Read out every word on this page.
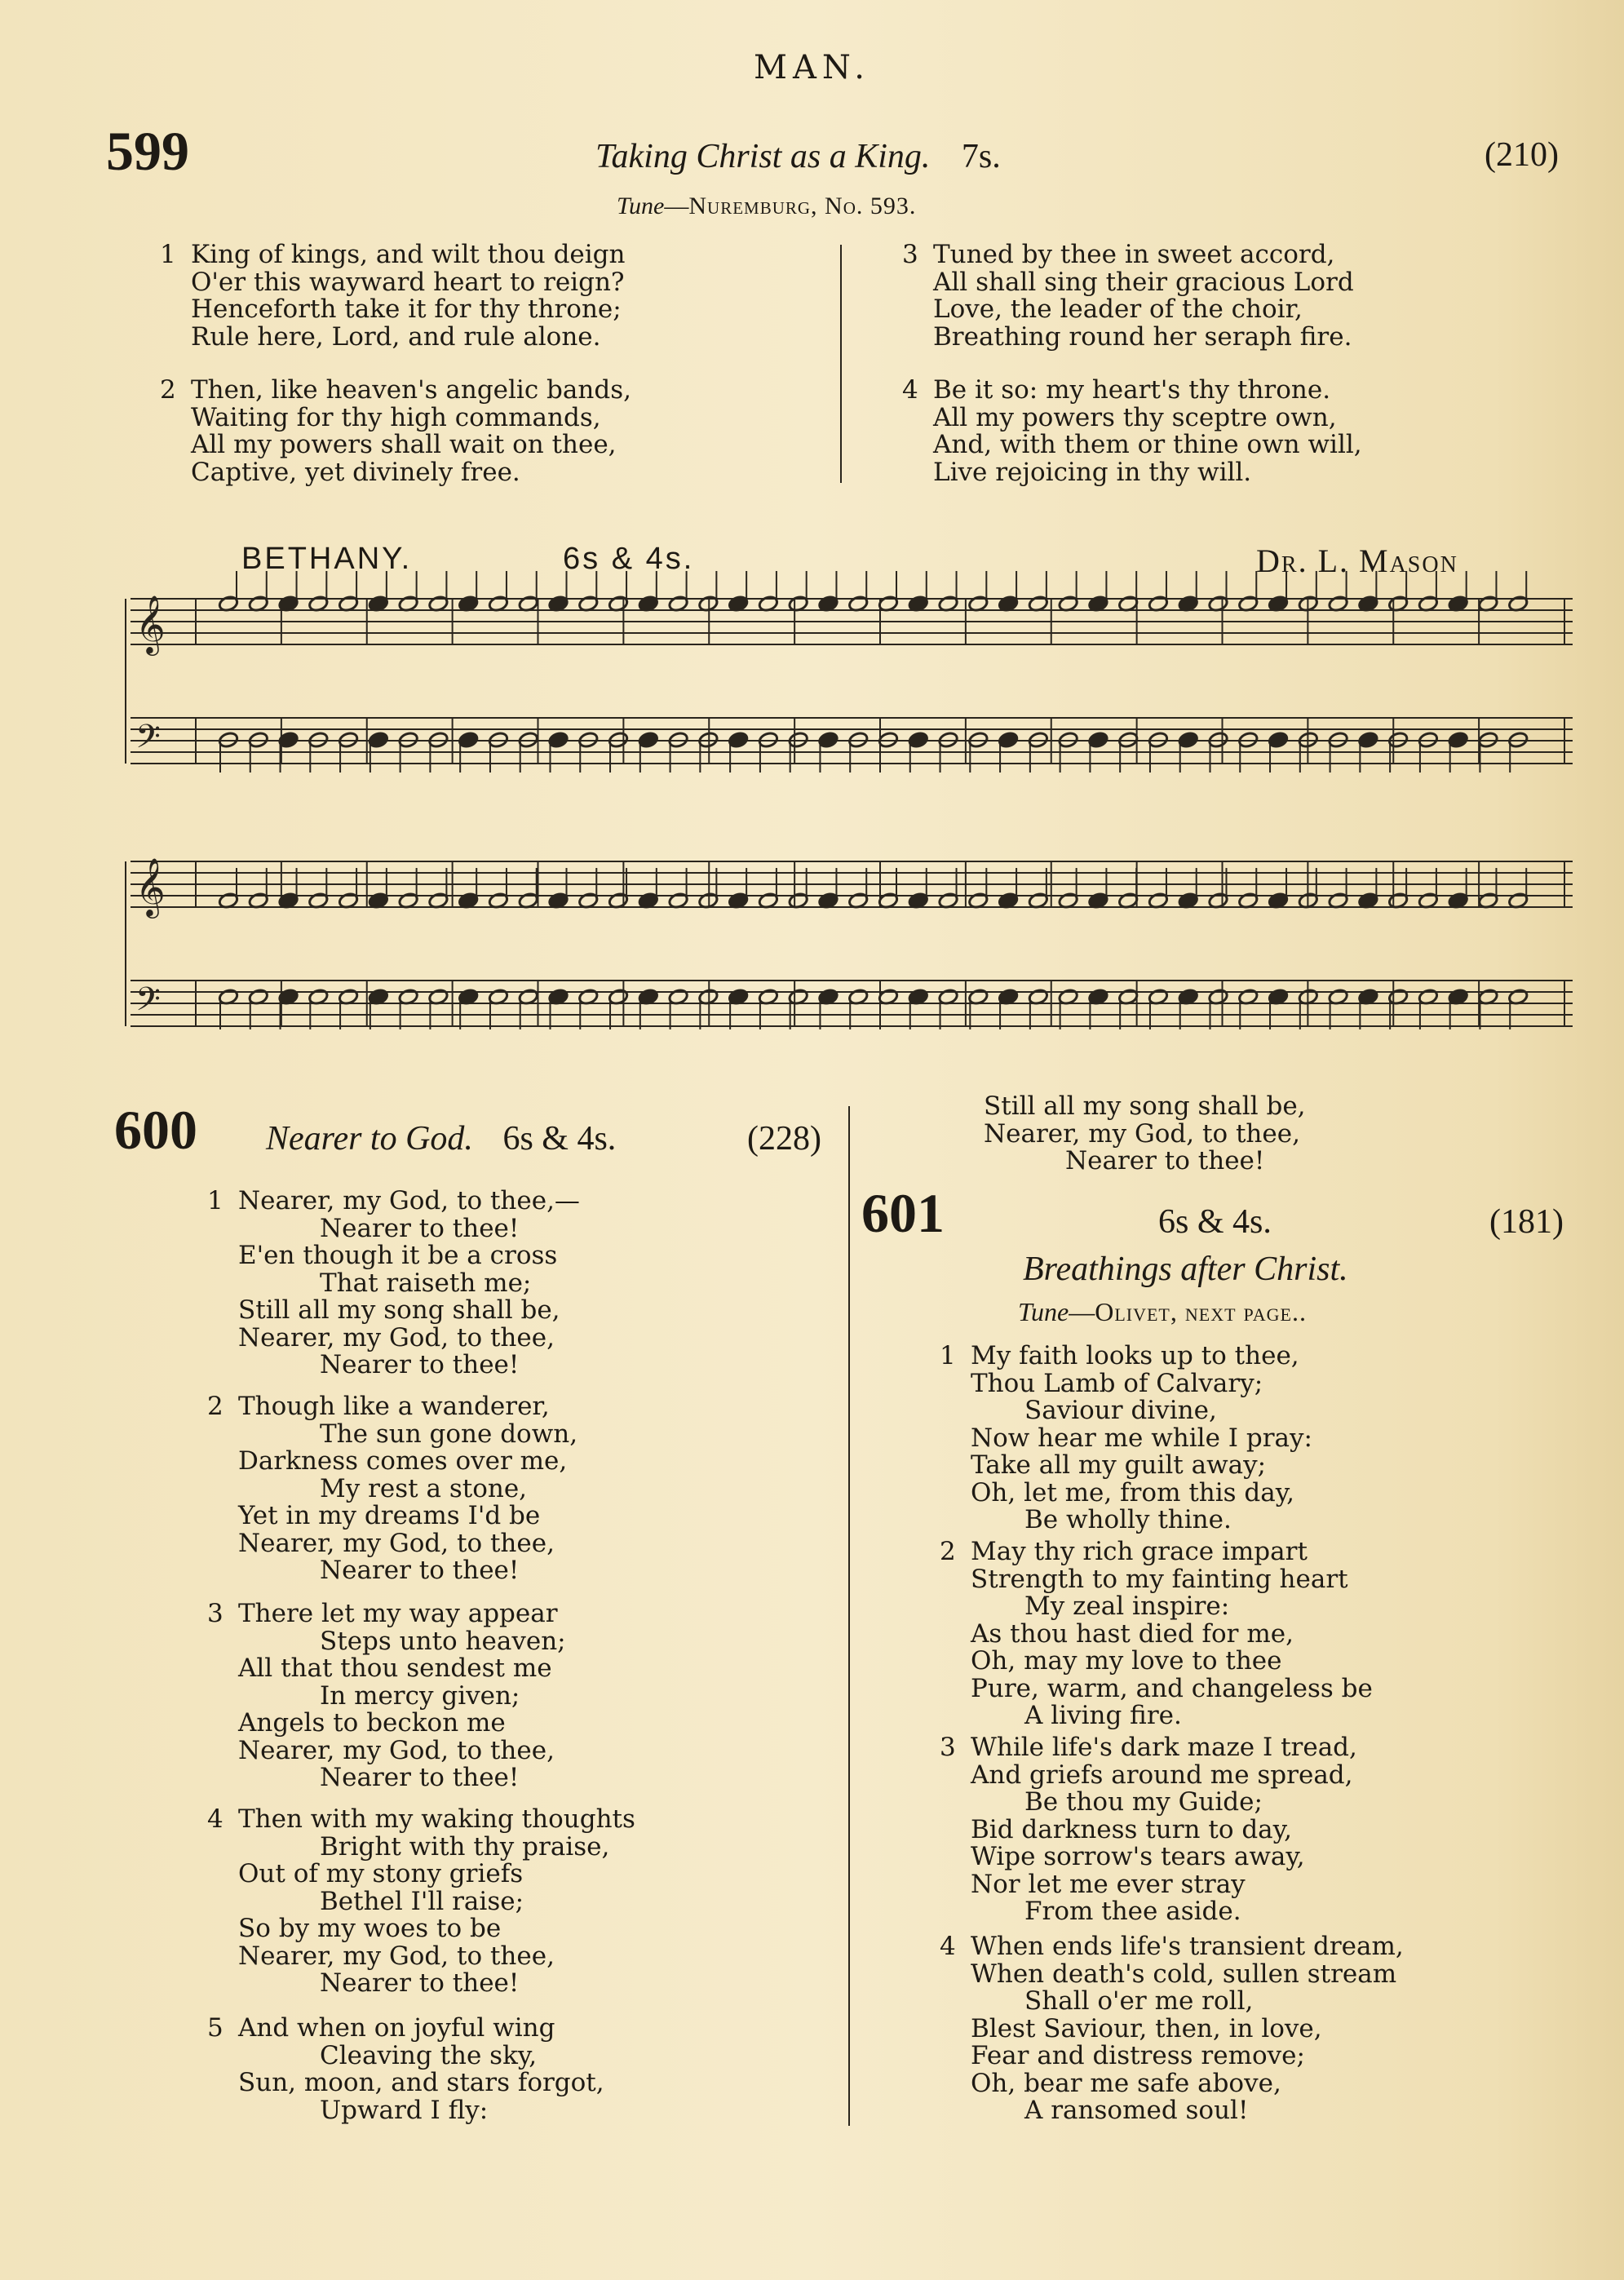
MAN.
599	Taking Christ as a King. 7s.	(210)
Tune—Nuremburg, No. 593.
1 King of kings, and wilt thou deign
O'er this wayward heart to reign?
Henceforth take it for thy throne;
Rule here, Lord, and rule alone.
2 Then, like heaven's angelic bands,
Waiting for thy high commands,
All my powers shall wait on thee,
Captive, yet divinely free.
3 Tuned by thee in sweet accord,
All shall sing their gracious Lord
Love, the leader of the choir,
Breathing round her seraph fire.
4 Be it so: my heart's thy throne.
All my powers thy sceptre own,
And, with them or thine own will,
Live rejoicing in thy will.
BETHANY.	6s & 4s.	Dr. L. Mason
𝄞
𝄢
𝄞
𝄢
600 Nearer to God. 6s & 4s.	(228)
1 Nearer, my God, to thee,—
Nearer to thee!
E'en though it be a cross
That raiseth me;
Still all my song shall be,
Nearer, my God, to thee,
Nearer to thee!
2 Though like a wanderer,
The sun gone down,
Darkness comes over me,
My rest a stone,
Yet in my dreams I'd be
Nearer, my God, to thee,
Nearer to thee!
3 There let my way appear
Steps unto heaven;
All that thou sendest me
In mercy given;
Angels to beckon me
Nearer, my God, to thee,
Nearer to thee!
4 Then with my waking thoughts
Bright with thy praise,
Out of my stony griefs
Bethel I'll raise;
So by my woes to be
Nearer, my God, to thee,
Nearer to thee!
5 And when on joyful wing
Cleaving the sky,
Sun, moon, and stars forgot,
Upward I fly:
Still all my song shall be,
Nearer, my God, to thee,
Nearer to thee!
601	6s & 4s.	(181)
Breathings after Christ.
Tune—Olivet, next page..
1 My faith looks up to thee,
Thou Lamb of Calvary;
Saviour divine,
Now hear me while I pray:
Take all my guilt away;
Oh, let me, from this day,
Be wholly thine.
2 May thy rich grace impart
Strength to my fainting heart
My zeal inspire:
As thou hast died for me,
Oh, may my love to thee
Pure, warm, and changeless be
A living fire.
3 While life's dark maze I tread,
And griefs around me spread,
Be thou my Guide;
Bid darkness turn to day,
Wipe sorrow's tears away,
Nor let me ever stray
From thee aside.
4 When ends life's transient dream,
When death's cold, sullen stream
Shall o'er me roll,
Blest Saviour, then, in love,
Fear and distress remove;
Oh, bear me safe above,
A ransomed soul!
